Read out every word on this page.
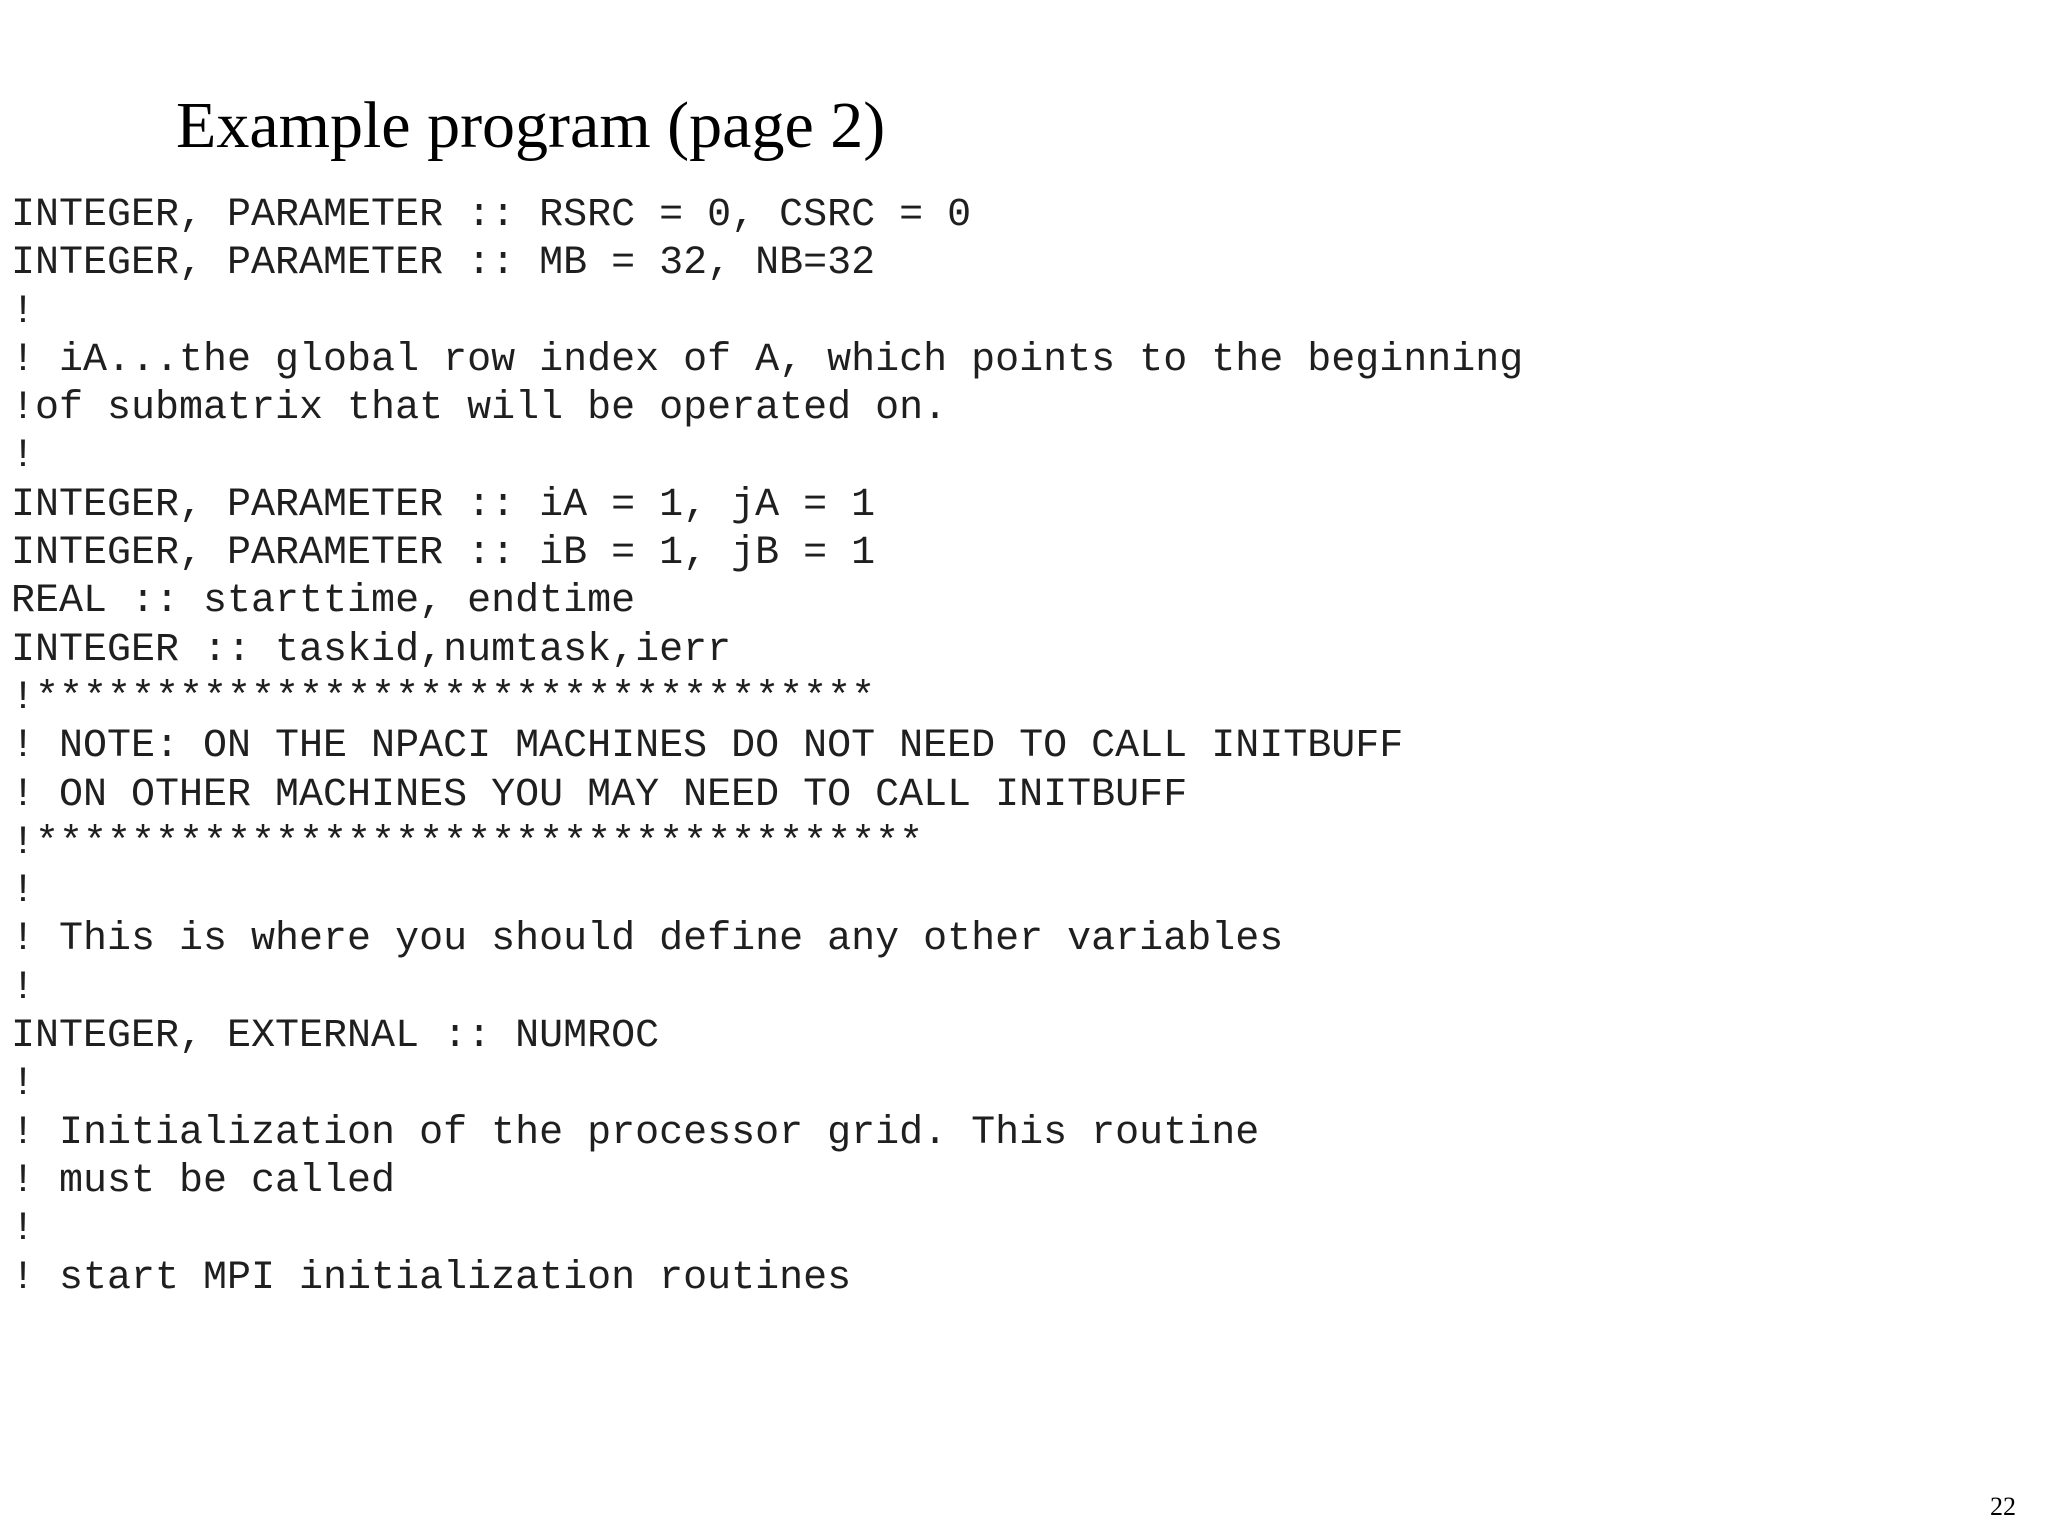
Example program (page 2)
INTEGER, PARAMETER :: RSRC = 0, CSRC = 0
INTEGER, PARAMETER :: MB = 32, NB=32
!
! iA...the global row index of A, which points to the beginning
!of submatrix that will be operated on.
!
INTEGER, PARAMETER :: iA = 1, jA = 1
INTEGER, PARAMETER :: iB = 1, jB = 1
REAL :: starttime, endtime
INTEGER :: taskid,numtask,ierr
!***********************************
! NOTE: ON THE NPACI MACHINES DO NOT NEED TO CALL INITBUFF
! ON OTHER MACHINES YOU MAY NEED TO CALL INITBUFF
!*************************************
!
! This is where you should define any other variables
!
INTEGER, EXTERNAL :: NUMROC
!
! Initialization of the processor grid. This routine
! must be called
!
! start MPI initialization routines
22
